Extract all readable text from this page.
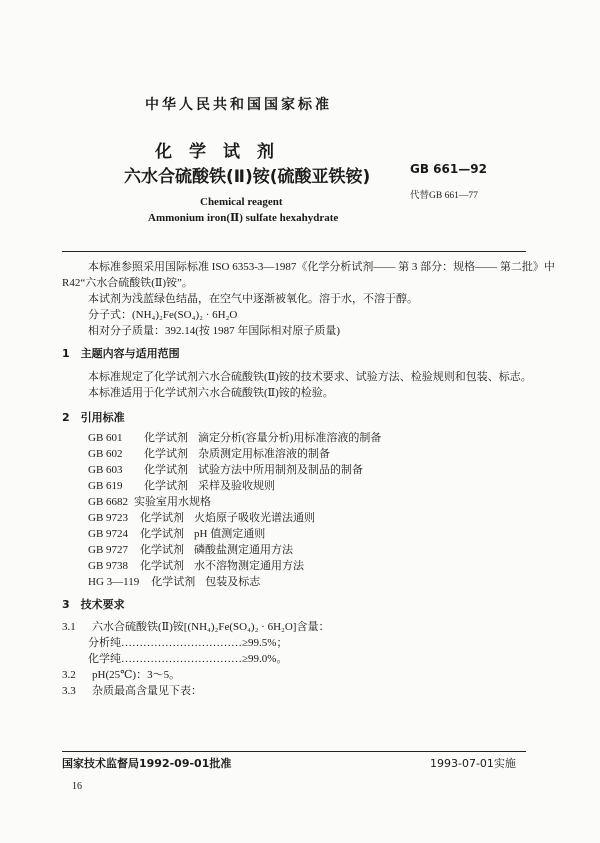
中华人民共和国国家标准
化　学　试　剂
六水合硫酸铁(Ⅱ)铵(硫酸亚铁铵)	GB 661—92
代替GB 661—77
Chemical reagent
Ammonium iron(Ⅱ) sulfate hexahydrate
本标准参照采用国际标准 ISO 6353-3—1987《化学分析试剂—— 第 3 部分：规格—— 第二批》中
R42“六水合硫酸铁(Ⅱ)铵”。
本试剂为浅蓝绿色结晶，在空气中逐渐被氧化。溶于水，不溶于醇。
分子式：(NH₄)₂Fe(SO₄)₂ · 6H₂O
相对分子质量：392.14(按 1987 年国际相对原子质量)
1　主题内容与适用范围
本标准规定了化学试剂六水合硫酸铁(Ⅱ)铵的技术要求、试验方法、检验规则和包装、标志。
本标准适用于化学试剂六水合硫酸铁(Ⅱ)铵的检验。
2　引用标准
GB 601 化学试剂 滴定分析(容量分析)用标准溶液的制备
GB 602 化学试剂 杂质测定用标准溶液的制备
GB 603 化学试剂 试验方法中所用制剂及制品的制备
GB 619 化学试剂 采样及验收规则
GB 6682 实验室用水规格
GB 9723 化学试剂 火焰原子吸收光谱法通则
GB 9724 化学试剂 pH 值测定通则
GB 9727 化学试剂 磷酸盐测定通用方法
GB 9738 化学试剂 水不溶物测定通用方法
HG 3—119 化学试剂 包装及标志
3　技术要求
3.1 六水合硫酸铁(Ⅱ)铵[(NH₄)₂Fe(SO₄)₂ · 6H₂O]含量：
分析纯……………………………≥99.5%；
化学纯……………………………≥99.0%。
3.2 pH(25℃)：3～5。
3.3 杂质最高含量见下表：
国家技术监督局1992-09-01批准	1993-07-01实施
16
